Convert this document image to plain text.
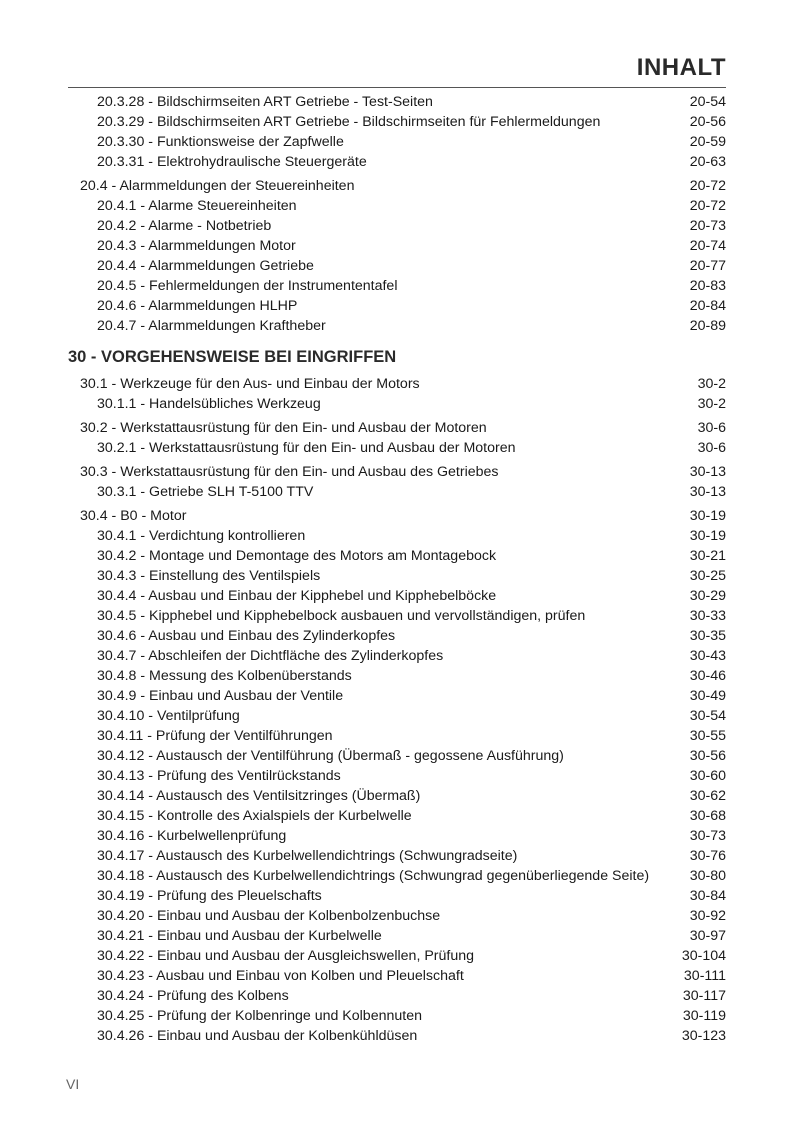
INHALT
20.3.28 - Bildschirmseiten ART Getriebe - Test-Seiten	20-54
20.3.29 - Bildschirmseiten ART Getriebe - Bildschirmseiten für Fehlermeldungen	20-56
20.3.30 - Funktionsweise der Zapfwelle	20-59
20.3.31 - Elektrohydraulische Steuergeräte	20-63
20.4 - Alarmmeldungen der Steuereinheiten	20-72
20.4.1 - Alarme Steuereinheiten	20-72
20.4.2 - Alarme - Notbetrieb	20-73
20.4.3 - Alarmmeldungen Motor	20-74
20.4.4 - Alarmmeldungen Getriebe	20-77
20.4.5 - Fehlermeldungen der Instrumententafel	20-83
20.4.6 - Alarmmeldungen HLHP	20-84
20.4.7 - Alarmmeldungen Kraftheber	20-89
30 - VORGEHENSWEISE BEI EINGRIFFEN
30.1 - Werkzeuge für den Aus- und Einbau der Motors	30-2
30.1.1 - Handelsübliches Werkzeug	30-2
30.2 - Werkstattausrüstung für den Ein- und Ausbau der Motoren	30-6
30.2.1 - Werkstattausrüstung für den Ein- und Ausbau der Motoren	30-6
30.3 - Werkstattausrüstung für den Ein- und Ausbau des Getriebes	30-13
30.3.1 - Getriebe SLH T-5100 TTV	30-13
30.4 - B0 - Motor	30-19
30.4.1 - Verdichtung kontrollieren	30-19
30.4.2 - Montage und Demontage des Motors am Montagebock	30-21
30.4.3 - Einstellung des Ventilspiels	30-25
30.4.4 - Ausbau und Einbau der Kipphebel und Kipphebelböcke	30-29
30.4.5 - Kipphebel und Kipphebelbock ausbauen und vervollständigen, prüfen	30-33
30.4.6 - Ausbau und Einbau des Zylinderkopfes	30-35
30.4.7 - Abschleifen der Dichtfläche des Zylinderkopfes	30-43
30.4.8 - Messung des Kolbenüberstands	30-46
30.4.9 - Einbau und Ausbau der Ventile	30-49
30.4.10 - Ventilprüfung	30-54
30.4.11 - Prüfung der Ventilführungen	30-55
30.4.12 - Austausch der Ventilführung (Übermaß - gegossene Ausführung)	30-56
30.4.13 - Prüfung des Ventilrückstands	30-60
30.4.14 - Austausch des Ventilsitzringes (Übermaß)	30-62
30.4.15 - Kontrolle des Axialspiels der Kurbelwelle	30-68
30.4.16 - Kurbelwellenprüfung	30-73
30.4.17 - Austausch des Kurbelwellendichtrings (Schwungradseite)	30-76
30.4.18 - Austausch des Kurbelwellendichtrings (Schwungrad gegenüberliegende Seite)	30-80
30.4.19 - Prüfung des Pleuelschafts	30-84
30.4.20 - Einbau und Ausbau der Kolbenbolzenbuchse	30-92
30.4.21 - Einbau und Ausbau der Kurbelwelle	30-97
30.4.22 - Einbau und Ausbau der Ausgleichswellen, Prüfung	30-104
30.4.23 - Ausbau und Einbau von Kolben und Pleuelschaft	30-111
30.4.24 - Prüfung des Kolbens	30-117
30.4.25 - Prüfung der Kolbenringe und Kolbennuten	30-119
30.4.26 - Einbau und Ausbau der Kolbenkühldüsen	30-123
VI
